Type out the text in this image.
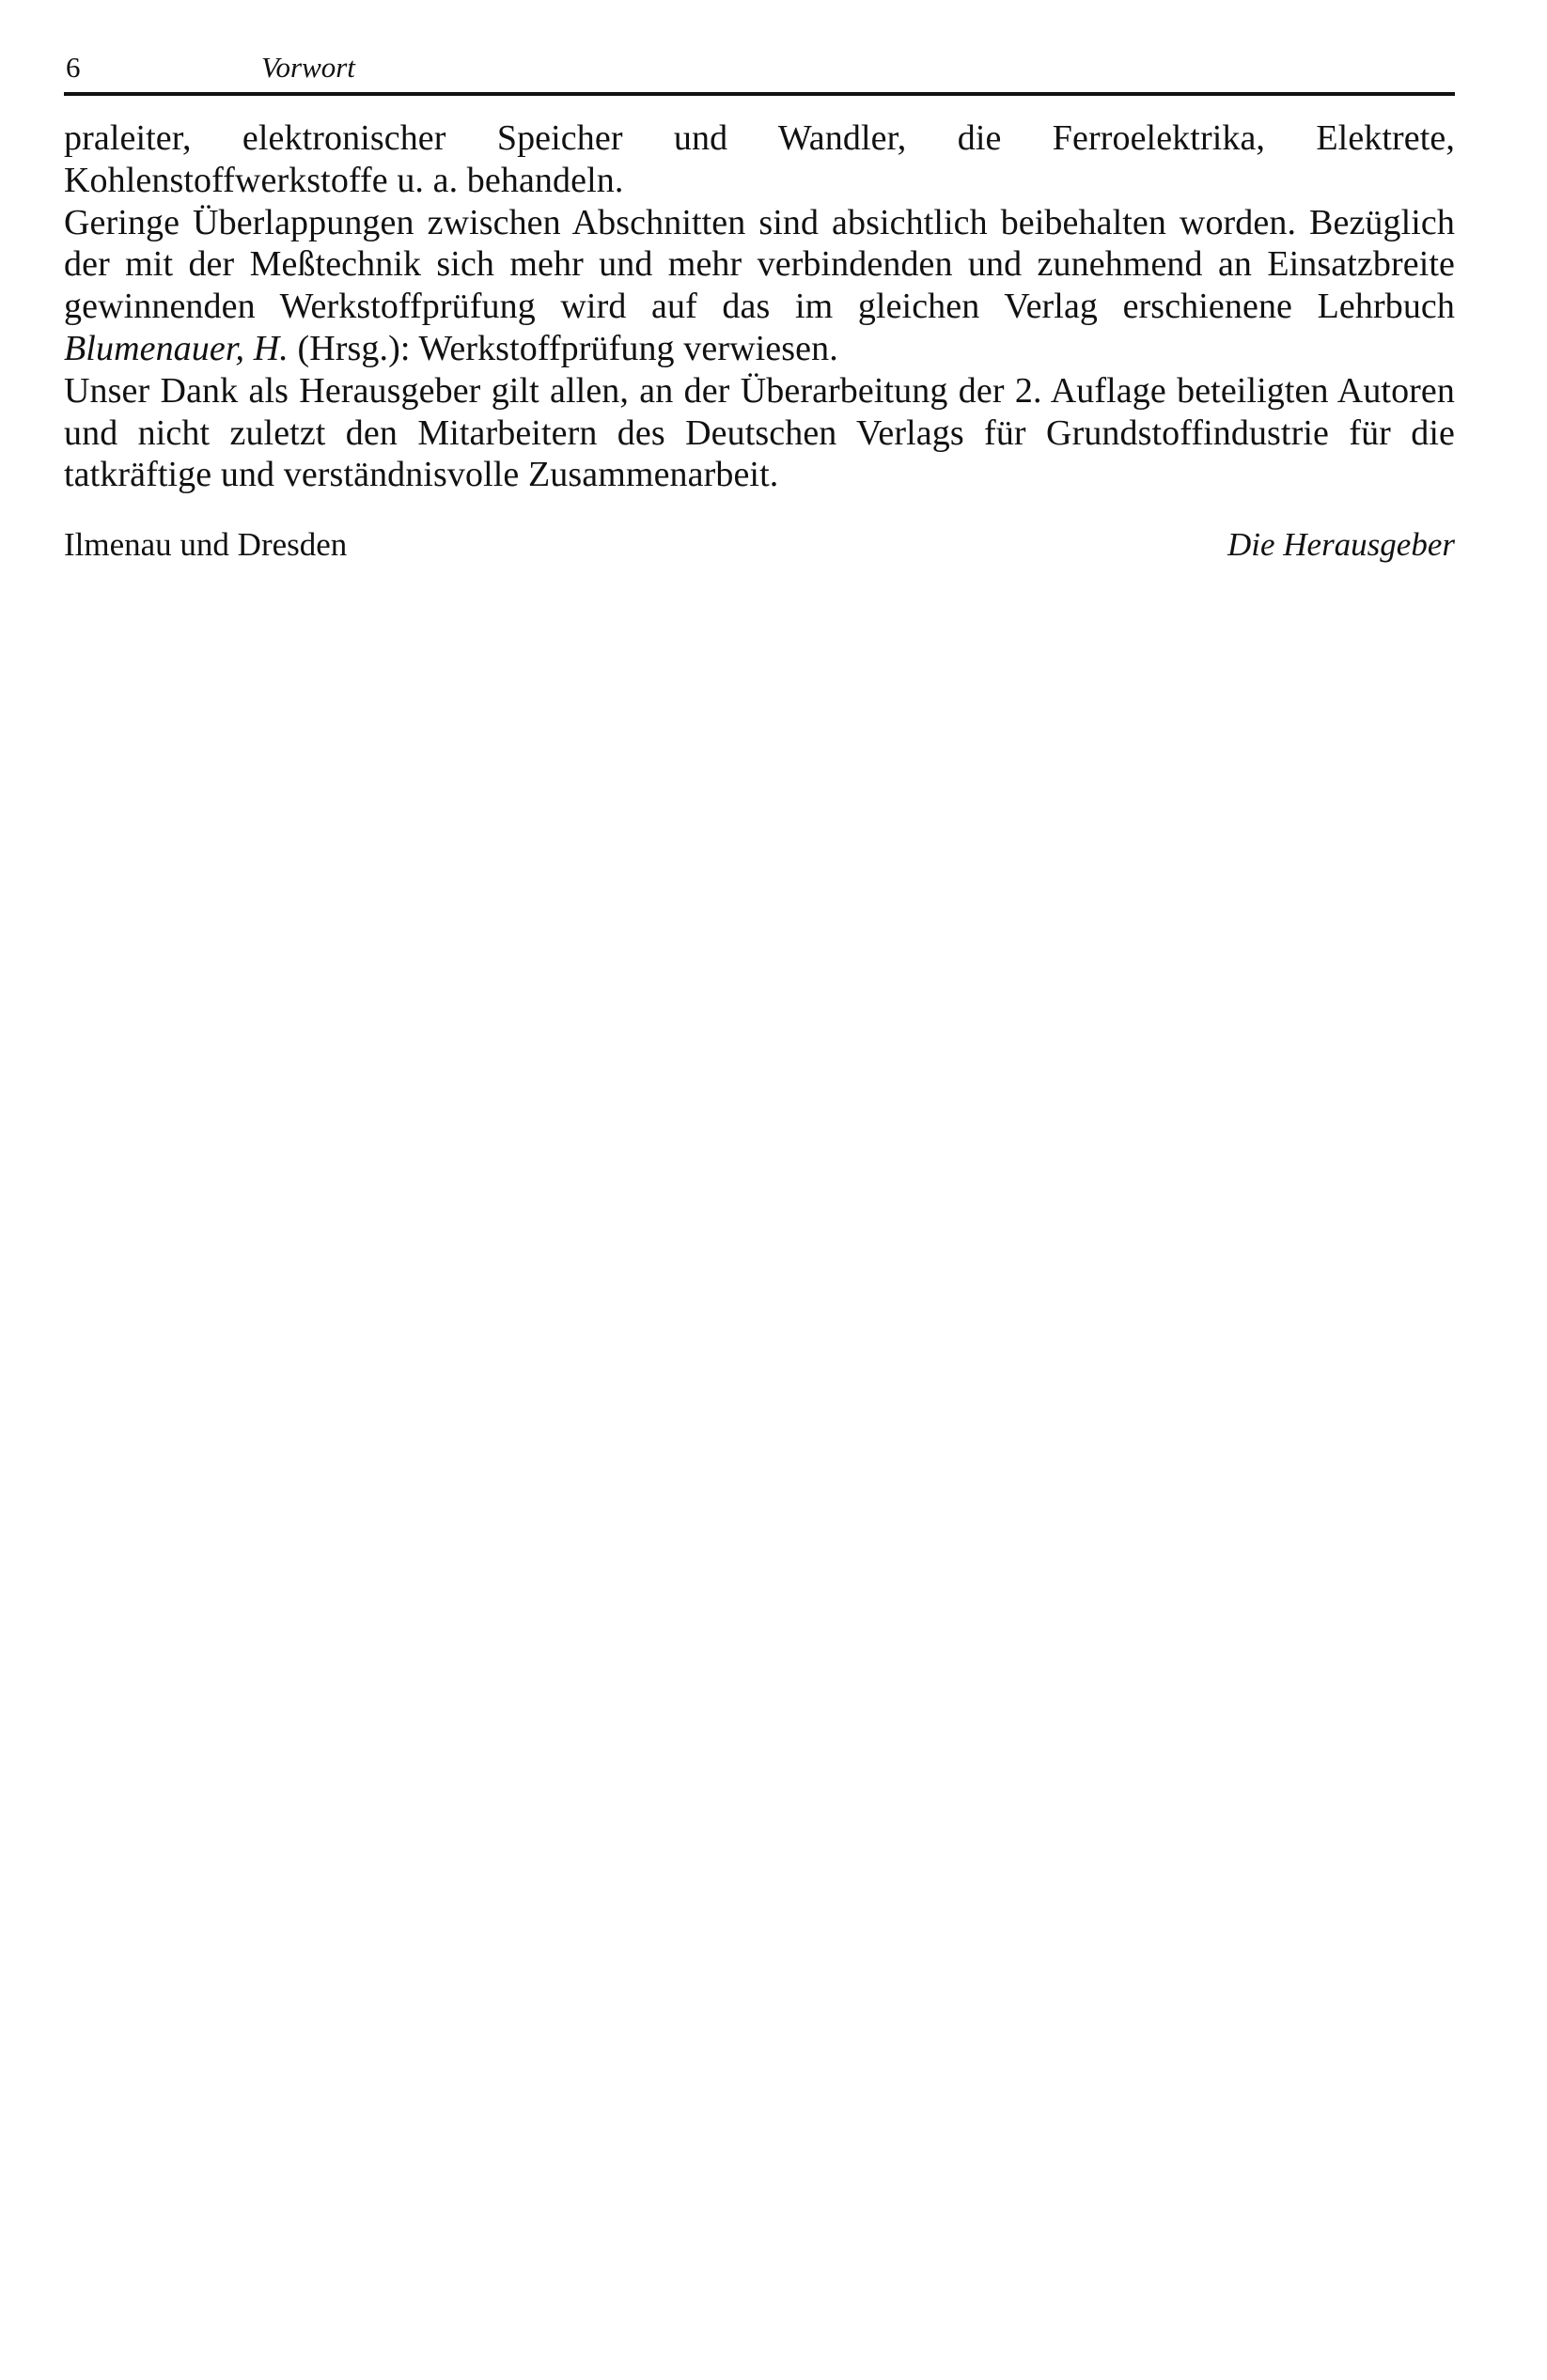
6	Vorwort

praleiter, elektronischer Speicher und Wandler, die Ferroelektrika, Elektrete, Kohlenstoffwerkstoffe u. a. behandeln.

Geringe Überlappungen zwischen Abschnitten sind absichtlich beibehalten worden. Bezüglich der mit der Meßtechnik sich mehr und mehr verbindenden und zunehmend an Einsatzbreite gewinnenden Werkstoffprüfung wird auf das im gleichen Verlag erschienene Lehrbuch Blumenauer, H. (Hrsg.): Werkstoffprüfung verwiesen.

Unser Dank als Herausgeber gilt allen, an der Überarbeitung der 2. Auflage beteiligten Autoren und nicht zuletzt den Mitarbeitern des Deutschen Verlags für Grundstoffindustrie für die tatkräftige und verständnisvolle Zusammenarbeit.

Ilmenau und Dresden	Die Herausgeber
